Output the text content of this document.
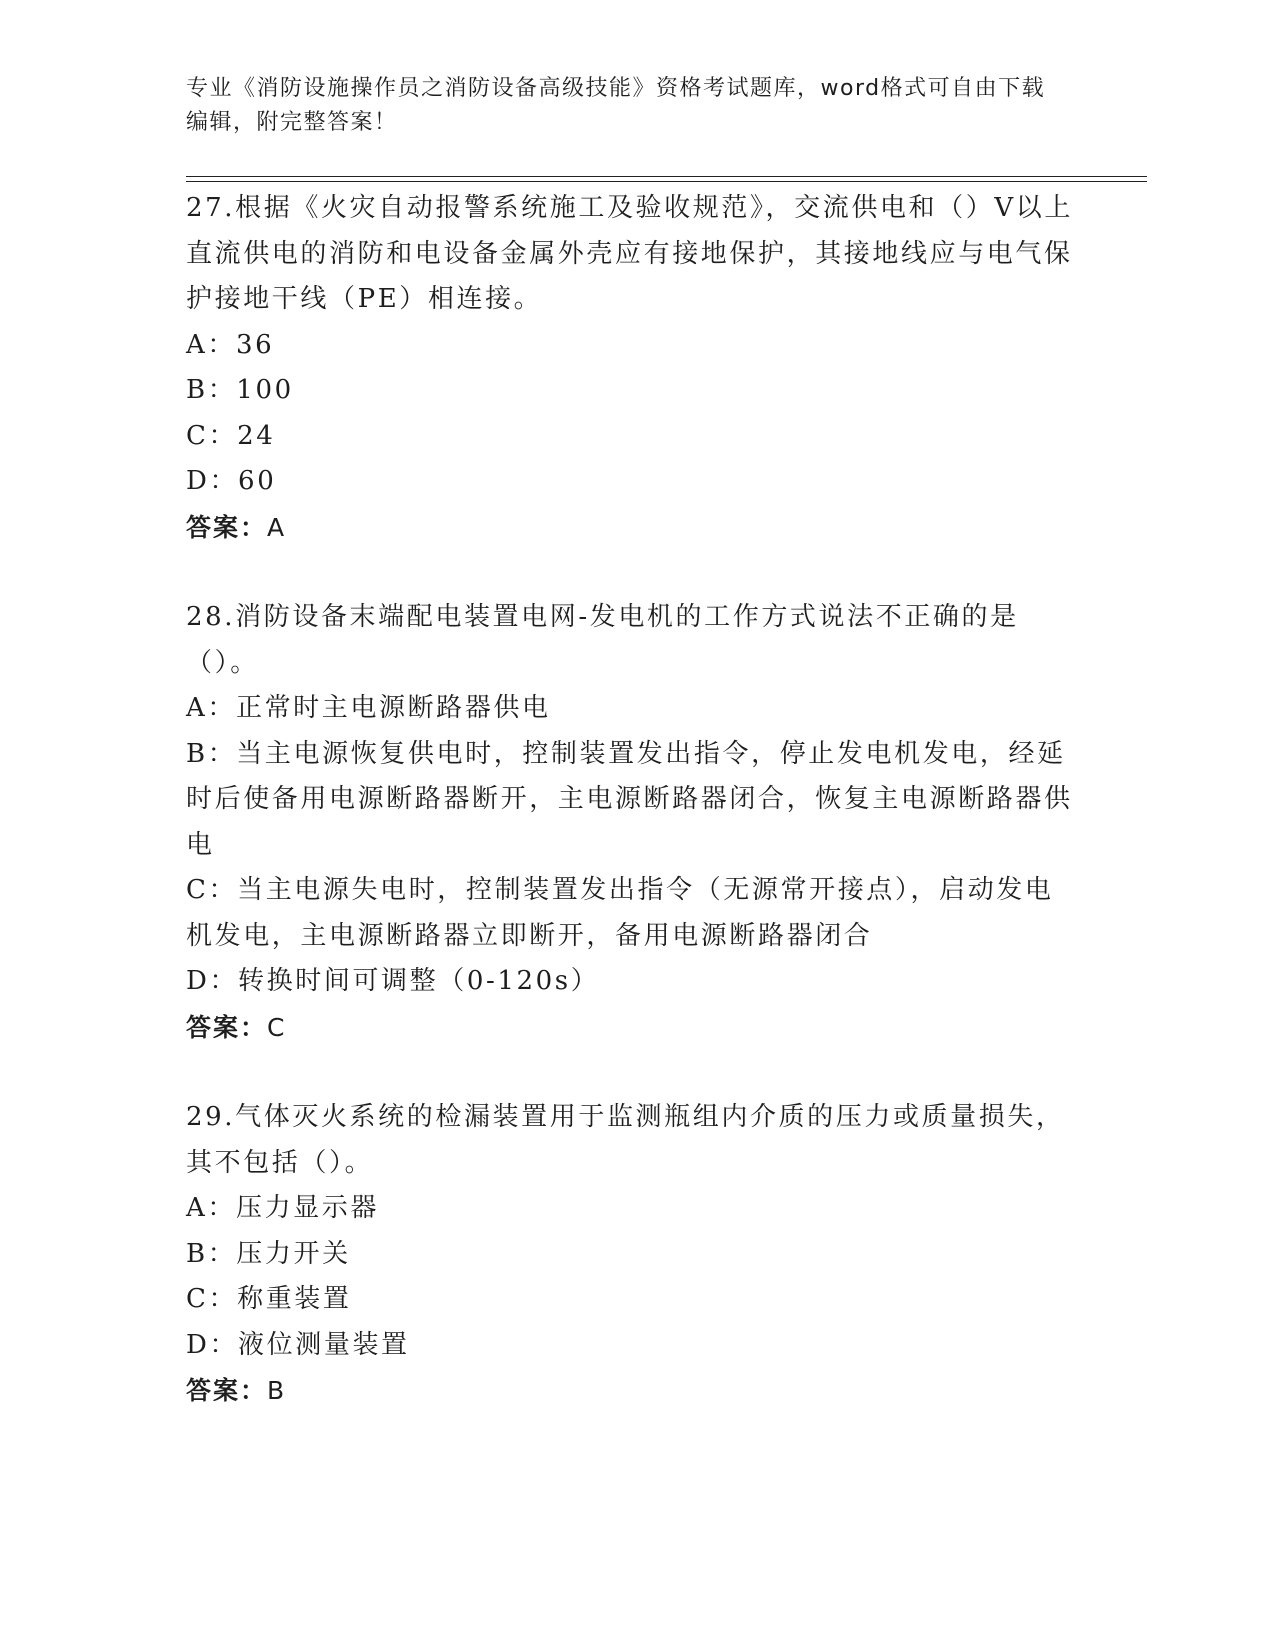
专业《消防设施操作员之消防设备高级技能》资格考试题库，word格式可自由下载编辑，附完整答案！

27.根据《火灾自动报警系统施工及验收规范》，交流供电和（）V以上直流供电的消防和电设备金属外壳应有接地保护，其接地线应与电气保护接地干线（PE）相连接。

A：36

B：100

C：24

D：60

答案：A

28.消防设备末端配电装置电网-发电机的工作方式说法不正确的是（）。

A：正常时主电源断路器供电

B：当主电源恢复供电时，控制装置发出指令，停止发电机发电，经延时后使备用电源断路器断开，主电源断路器闭合，恢复主电源断路器供电

C：当主电源失电时，控制装置发出指令（无源常开接点），启动发电机发电，主电源断路器立即断开，备用电源断路器闭合

D：转换时间可调整（0-120s）

答案：C

29.气体灭火系统的检漏装置用于监测瓶组内介质的压力或质量损失，其不包括（）。

A：压力显示器

B：压力开关

C：称重装置

D：液位测量装置

答案：B
